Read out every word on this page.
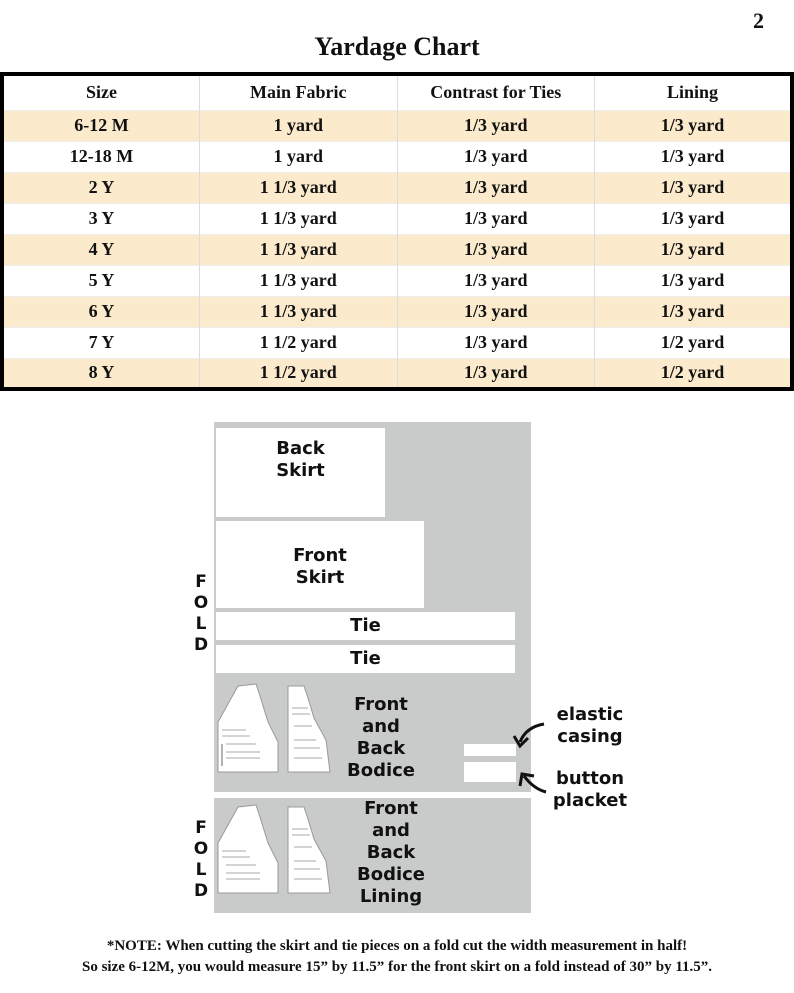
2
Yardage Chart
Size	Main Fabric	Contrast for Ties	Lining
6-12 M	1 yard	1/3 yard	1/3 yard
12-18 M	1 yard	1/3 yard	1/3 yard
2 Y	1 1/3 yard	1/3 yard	1/3 yard
3 Y	1 1/3 yard	1/3 yard	1/3 yard
4 Y	1 1/3 yard	1/3 yard	1/3 yard
5 Y	1 1/3 yard	1/3 yard	1/3 yard
6 Y	1 1/3 yard	1/3 yard	1/3 yard
7 Y	1 1/2 yard	1/3 yard	1/2 yard
8 Y	1 1/2 yard	1/3 yard	1/2 yard
Back
Skirt
Front
Skirt
Tie
Tie
Front
and
Back
Bodice
Front
and
Back
Bodice
Lining
F
O
L
D
F
O
L
D
elastic
casing
button
placket
*NOTE: When cutting the skirt and tie pieces on a fold cut the width measurement in half!
So size 6-12M, you would measure 15” by 11.5” for the front skirt on a fold instead of 30” by 11.5”.
